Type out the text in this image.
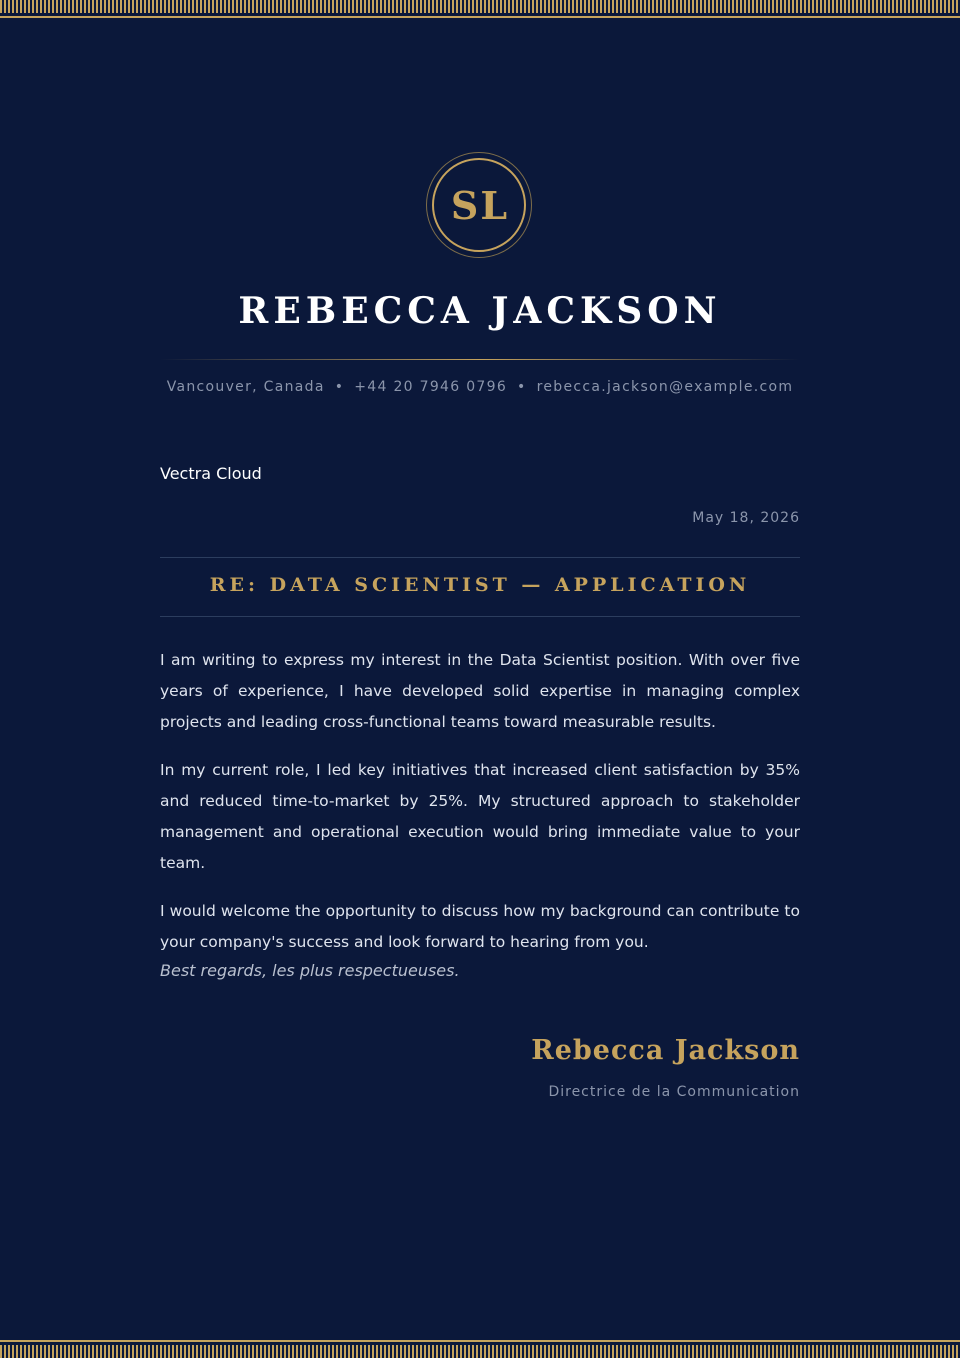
SL
REBECCA JACKSON
Vancouver, Canada • +44 20 7946 0796 • rebecca.jackson@example.com
Vectra Cloud
May 18, 2026
RE: DATA SCIENTIST — APPLICATION

I am writing to express my interest in the Data Scientist position. With over five years of experience, I have developed solid expertise in managing complex projects and leading cross-functional teams toward measurable results.

In my current role, I led key initiatives that increased client satisfaction by 35% and reduced time-to-market by 25%. My structured approach to stakeholder management and operational execution would bring immediate value to your team.

I would welcome the opportunity to discuss how my background can contribute to your company's success and look forward to hearing from you.

Best regards, les plus respectueuses.
Rebecca Jackson
Directrice de la Communication
